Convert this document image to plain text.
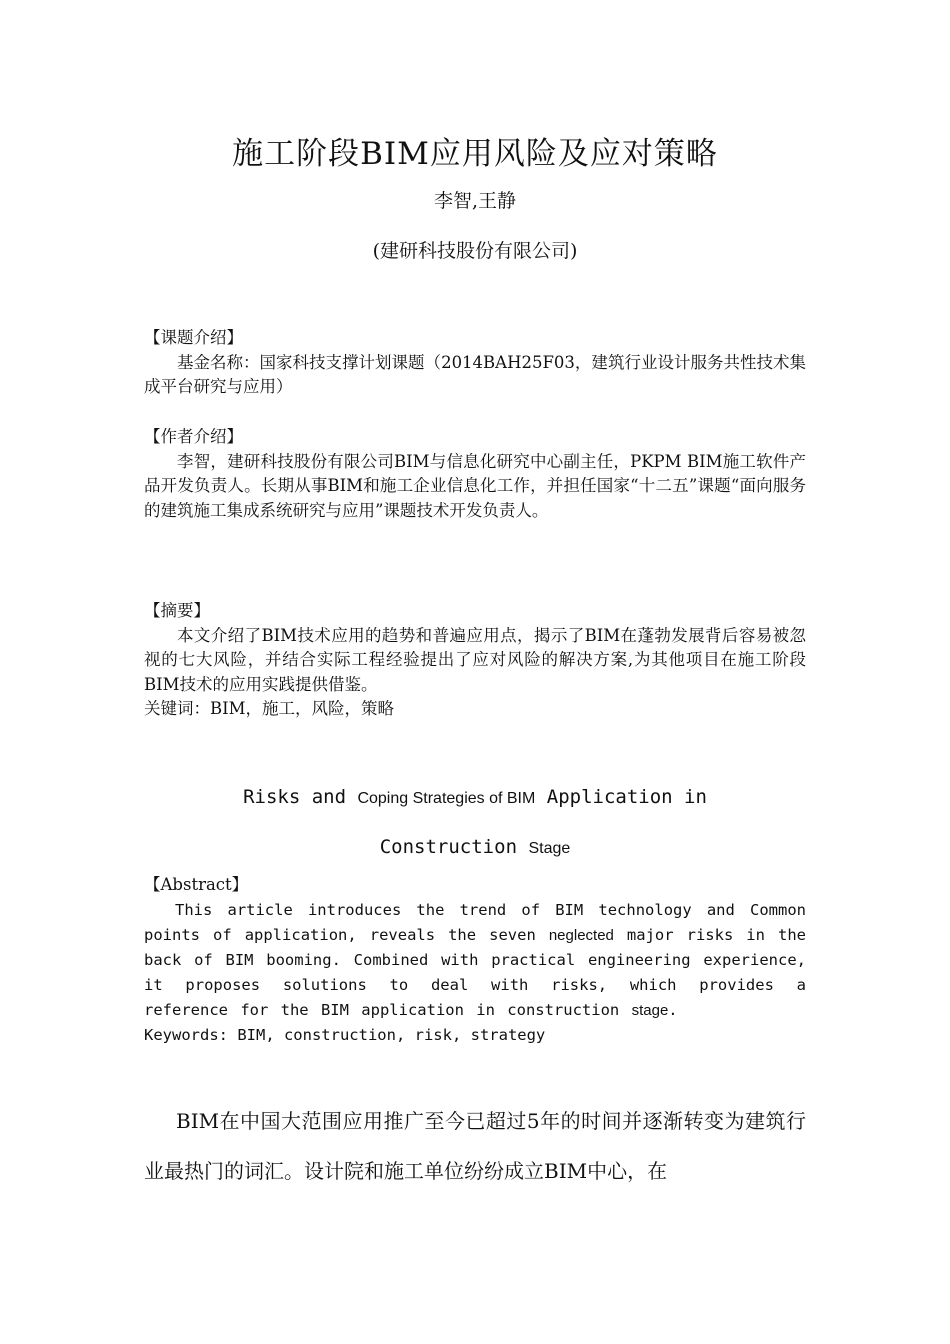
施工阶段BIM应用风险及应对策略
李智,王静
(建研科技股份有限公司)
【课题介绍】
基金名称：国家科技支撑计划课题（2014BAH25F03，建筑行业设计服务共性技术集成平台研究与应用）
【作者介绍】
李智，建研科技股份有限公司BIM与信息化研究中心副主任，PKPM BIM施工软件产品开发负责人。长期从事BIM和施工企业信息化工作，并担任国家“十二五”课题“面向服务的建筑施工集成系统研究与应用”课题技术开发负责人。
【摘要】
本文介绍了BIM技术应用的趋势和普遍应用点，揭示了BIM在蓬勃发展背后容易被忽视的七大风险，并结合实际工程经验提出了应对风险的解决方案,为其他项目在施工阶段BIM技术的应用实践提供借鉴。
关键词：BIM，施工，风险，策略
Risks and Coping Strategies of BIM Application in
Construction Stage
【Abstract】
This article introduces the trend of BIM technology and Common points of application, reveals the seven neglected major risks in the back of BIM booming. Combined with practical engineering experience, it proposes solutions to deal with risks, which provides a reference for the BIM application in construction stage.
Keywords: BIM, construction, risk, strategy
BIM在中国大范围应用推广至今已超过5年的时间并逐渐转变为建筑行业最热门的词汇。设计院和施工单位纷纷成立BIM中心，在
